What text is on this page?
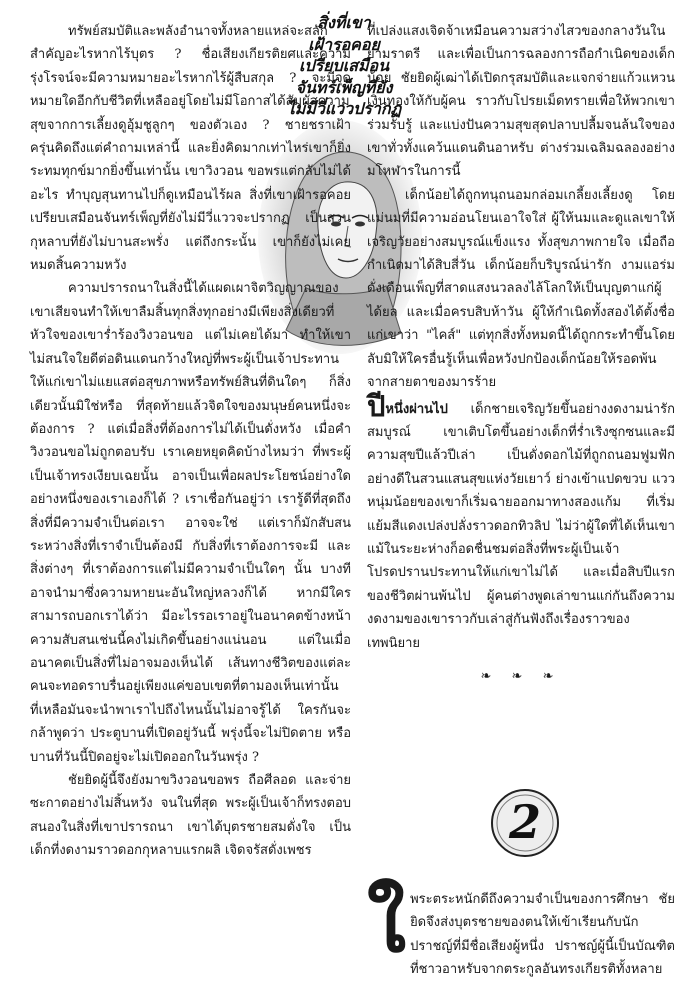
สิ่งที่เขา

เฝ้ารอคอย

เปรียบเสมือน

จันทร์เพ็ญที่ยัง

ไม่มีวี่แววปรากฏ

ทรัพย์สมบัติและพลังอำนาจทั้งหลายแหล่จะสลักสำคัญอะไรหากไร้บุตร ? ชื่อเสียงเกียรติยศและความรุ่งโรจน์จะมีความหมายอะไรหากไร้ผู้สืบสกุล ? จะมีจุดหมายใดอีกกับชีวิตที่เหลืออยู่โดยไม่มีโอกาสได้สัมผัสความสุขจากการเลี้ยงดูอุ้มชูลูกๆ ของตัวเอง ? ชายชราเฝ้าครุ่นคิดถึงแต่คำถามเหล่านี้ และยิ่งคิดมากเท่าไหร่เขาก็ยิ่งระทมทุกข์มากยิ่งขึ้นเท่านั้น เขาวิงวอน ขอพรแต่กลับไม่ได้อะไร ทำบุญสุนทานไปก็ดูเหมือนไร้ผล สิ่งที่เขาเฝ้ารอคอยเปรียบเสมือนจันทร์เพ็ญที่ยังไม่มีวี่แววจะปรากฏ เป็นสวนกุหลาบที่ยังไม่บานสะพรั่ง แต่ถึงกระนั้น เขาก็ยังไม่เคยหมดสิ้นความหวัง

ความปรารถนาในสิ่งนี้ได้แผดเผาจิตวิญญาณของเขาเสียจนทำให้เขาลืมสิ้นทุกสิ่งทุกอย่างมีเพียงสิ่งเดียวที่หัวใจของเขาร่ำร้องวิงวอนขอ แต่ไม่เคยได้มา ทำให้เขาไม่สนใจใยดีต่อดินแดนกว้างใหญ่ที่พระผู้เป็นเจ้าประทานให้แก่เขาไม่แยแสต่อสุขภาพหรือทรัพย์สินที่ดินใดๆ ก็สิ่งเดียวนั้นมิใช่หรือ ที่สุดท้ายแล้วจิตใจของมนุษย์คนหนึ่งจะต้องการ ? แต่เมื่อสิ่งที่ต้องการไม่ได้เป็นดั่งหวัง เมื่อคำวิงวอนขอไม่ถูกตอบรับ เราเคยหยุดคิดบ้างไหมว่า ที่พระผู้เป็นเจ้าทรงเงียบเฉยนั้น อาจเป็นเพื่อผลประโยชน์อย่างใดอย่างหนึ่งของเราเองก็ได้ ? เราเชื่อกันอยู่ว่า เรารู้ดีที่สุดถึงสิ่งที่มีความจำเป็นต่อเรา อาจจะใช่ แต่เราก็มักสับสนระหว่างสิ่งที่เราจำเป็นต้องมี กับสิ่งที่เราต้องการจะมี และสิ่งต่างๆ ที่เราต้องการแต่ไม่มีความจำเป็นใดๆ นั้น บางทีอาจนำมาซึ่งความหายนะอันใหญ่หลวงก็ได้ หากมีใครสามารถบอกเราได้ว่า มีอะไรรอเราอยู่ในอนาคตข้างหน้า ความสับสนเช่นนี้คงไม่เกิดขึ้นอย่างแน่นอน แต่ในเมื่ออนาคตเป็นสิ่งที่ไม่อาจมองเห็นได้ เส้นทางชีวิตของแต่ละคนจะทอดราบรื่นอยู่เพียงแค่ขอบเขตที่ตามองเห็นเท่านั้น ที่เหลือมันจะนำพาเราไปถึงไหนนั้นไม่อาจรู้ได้ ใครกันจะกล้าพูดว่า ประตูบานที่เปิดอยู่วันนี้ พรุ่งนี้จะไม่ปิดตาย หรือบานที่วันนี้ปิดอยู่จะไม่เปิดออกในวันพรุ่ง ?

ชัยยิดผู้นี้จึงยังมาขวิงวอนขอพร ถือศีลอด และจ่ายซะกาตอย่างไม่สิ้นหวัง จนในที่สุด พระผู้เป็นเจ้าก็ทรงตอบสนองในสิ่งที่เขาปรารถนา เขาได้บุตรชายสมดั่งใจ เป็นเด็กที่งดงามราวดอกกุหลาบแรกผลิ เจิดจรัสดั่งเพชร

ที่เปล่งแสงเจิดจ้าเหมือนความสว่างไสวของกลางวันในยามราตรี และเพื่อเป็นการฉลองการถือกำเนิดของเด็กน้อย ชัยยิดผู้เฒ่าได้เปิดกรุสมบัติและแจกจ่ายแก้วแหวนเงินทองให้กับผู้คน ราวกับโปรยเม็ดทรายเพื่อให้พวกเขาร่วมรับรู้ และแบ่งปันความสุขสุดปลาบปลื้มจนล้นใจของเขาทั่วทั้งแคว้นแดนดินอาหรับ ต่างร่วมเฉลิมฉลองอย่างมโหฬารในการนี้

เด็กน้อยได้ถูกทนุถนอมกล่อมเกลี้ยงเลี้ยงดู โดยแม่นมที่มีความอ่อนโยนเอาใจใส่ ผู้ให้นมและดูแลเขาให้เจริญวัยอย่างสมบูรณ์แข็งแรง ทั้งสุขภาพกายใจ เมื่อถือกำเนิดมาได้สิบสี่วัน เด็กน้อยก็บริบูรณ์น่ารัก งามแอร่มดั่งเดือนเพ็ญที่สาดแสงนวลลงไล้โลกให้เป็นบุญตาแก่ผู้ได้ยล และเมื่อครบสิบห้าวัน ผู้ให้กำเนิดทั้งสองได้ตั้งชื่อแก่เขาว่า "ไคส์" แต่ทุกสิ่งทั้งหมดนี้ได้ถูกกระทำขึ้นโดยลับมิให้ใครอื่นรู้เห็นเพื่อหวังปกป้องเด็กน้อยให้รอดพ้นจากสายตาของมารร้าย

ปีหนึ่งผ่านไป เด็กชายเจริญวัยขึ้นอย่างงดงามน่ารัก สมบูรณ์ เขาเติบโตขึ้นอย่างเด็กที่ร่ำเริงซุกซนและมีความสุขปีแล้วปีเล่า เป็นดั่งดอกไม้ที่ถูกถนอมฟูมฟักอย่างดีในสวนแสนสุขแห่งวัยเยาว์ ย่างเข้าแปดขวบ แววหนุ่มน้อยของเขาก็เริ่มฉายออกมาทางสองแก้ม ที่เริ่มแย้มสีแดงเปล่งปลั่งราวดอกทิวลิป ไม่ว่าผู้ใดที่ได้เห็นเขา แม้ในระยะห่างก็อดชื่นชมต่อสิ่งที่พระผู้เป็นเจ้าโปรดปรานประทานให้แก่เขาไม่ได้ และเมื่อสิบปีแรกของชีวิตผ่านพ้นไป ผู้คนต่างพูดเล่าขานแก่กันถึงความงดงามของเขาราวกับเล่าสู่กันฟังถึงเรื่องราวของเทพนิยาย

❧ ❧ ❧

2
ใ พระตระหนักดีถึงความจำเป็นของการศึกษา ชัยยิดจึงส่งบุตรชายของตนให้เข้าเรียนกับนักปราชญ์ที่มีชื่อเสียงผู้หนึ่ง ปราชญ์ผู้นี้เป็นบัณฑิตที่ชาวอาหรับจากตระกูลอันทรงเกียรติทั้งหลาย
